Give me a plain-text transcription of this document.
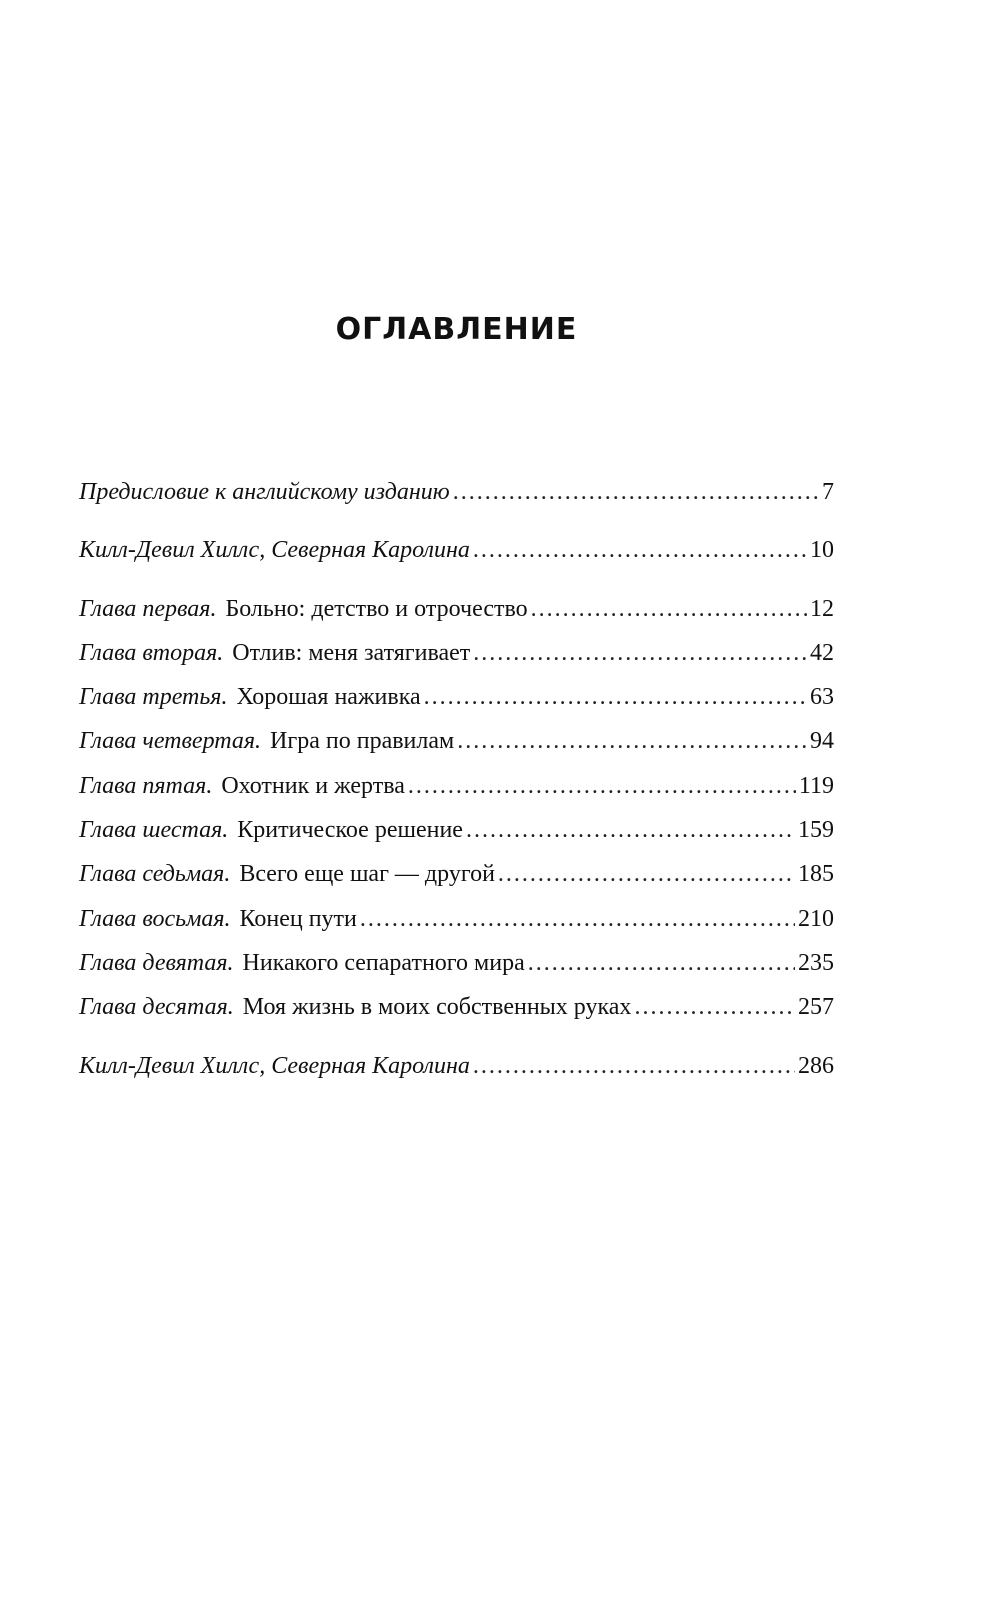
ОГЛАВЛЕНИЕ
Предисловие к английскому изданию .....	7
Килл-Девил Хиллс, Северная Каролина .....	10
Глава первая. Больно: детство и отрочество .....	12
Глава вторая. Отлив: меня затягивает .....	42
Глава третья. Хорошая наживка .....	63
Глава четвертая. Игра по правилам .....	94
Глава пятая. Охотник и жертва .....	119
Глава шестая. Критическое решение .....	159
Глава седьмая. Всего еще шаг — другой .....	185
Глава восьмая. Конец пути .....	210
Глава девятая. Никакого сепаратного мира .....	235
Глава десятая. Моя жизнь в моих собственных руках .....	257
Килл-Девил Хиллс, Северная Каролина .....	286
